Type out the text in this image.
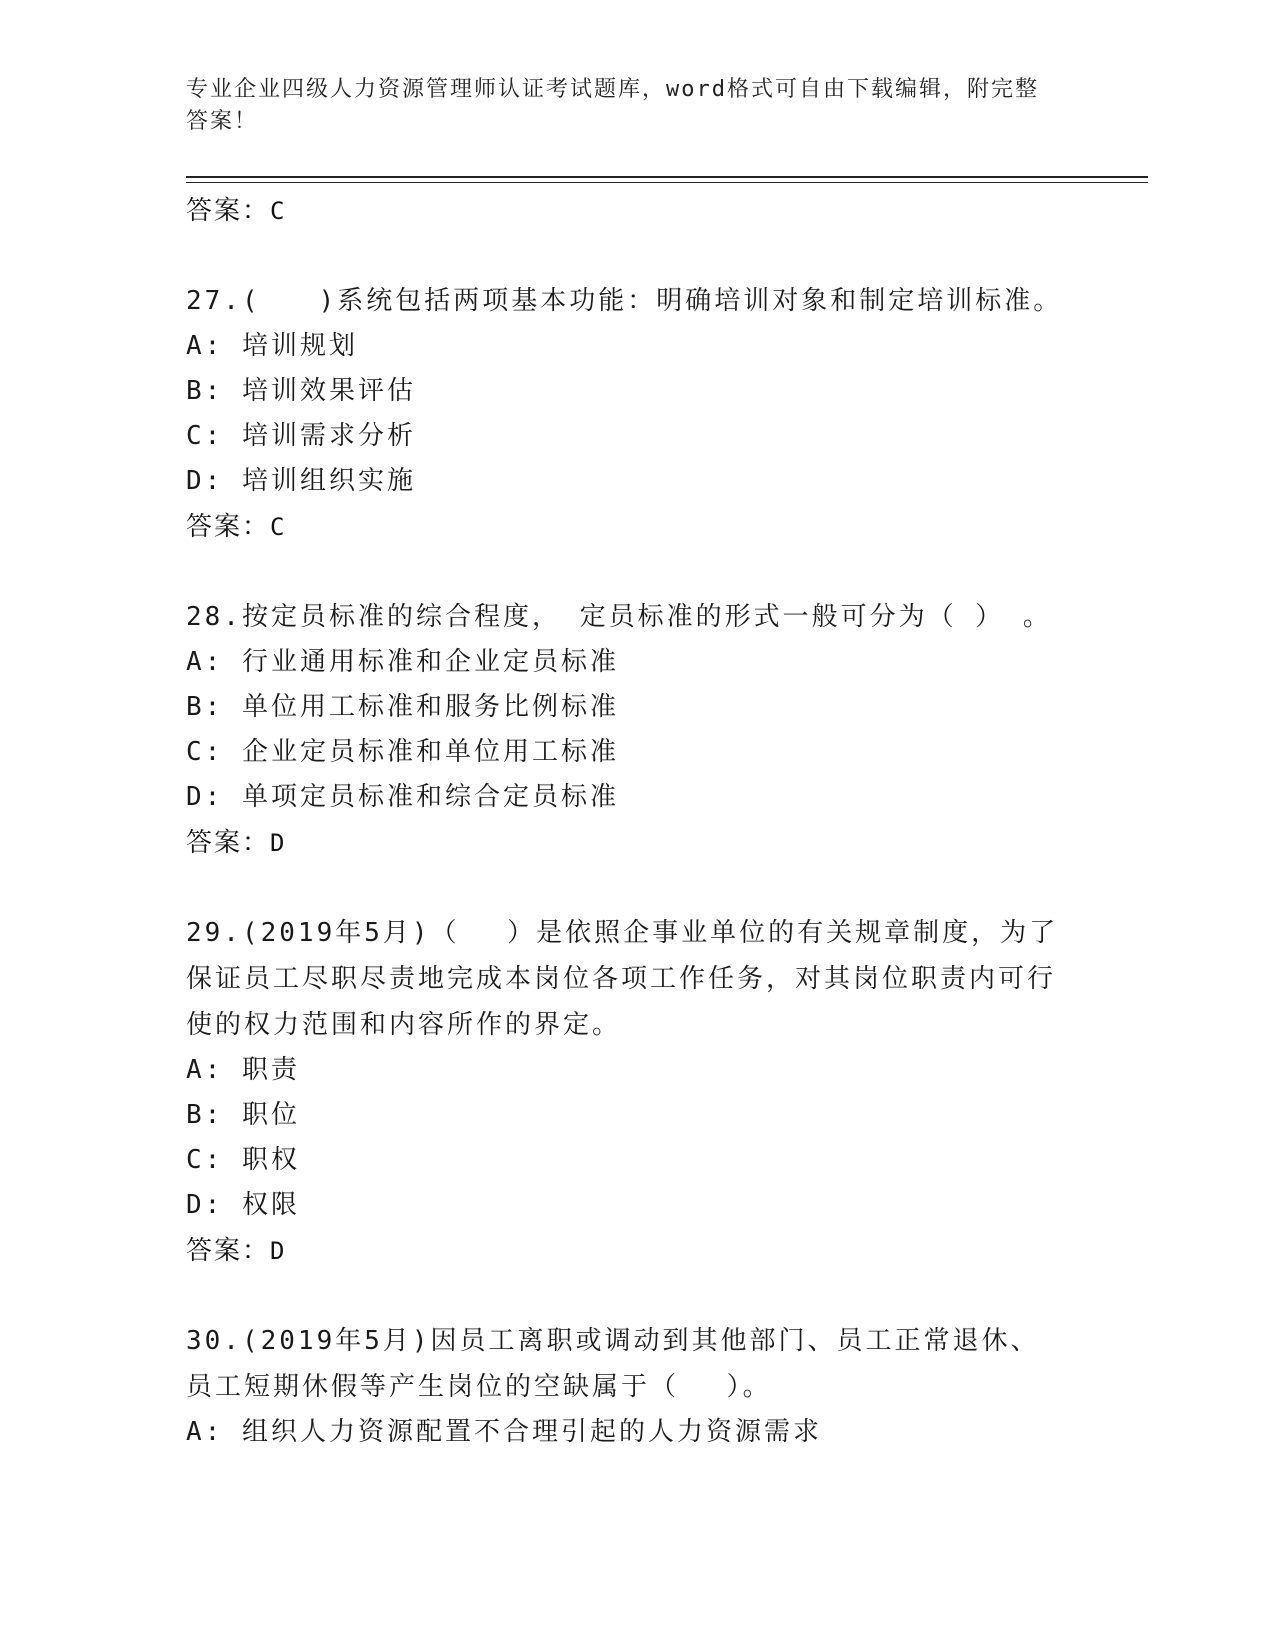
专业企业四级人力资源管理师认证考试题库，word格式可自由下载编辑，附完整
答案！
答案：C
27.(　　)系统包括两项基本功能：明确培训对象和制定培训标准。
A: 培训规划
B: 培训效果评估
C: 培训需求分析
D: 培训组织实施
答案：C
28.按定员标准的综合程度， 定员标准的形式一般可分为（ ） 。
A: 行业通用标准和企业定员标准
B: 单位用工标准和服务比例标准
C: 企业定员标准和单位用工标准
D: 单项定员标准和综合定员标准
答案：D
29.(2019年5月)（　 ）是依照企事业单位的有关规章制度，为了保证员工尽职尽责地完成本岗位各项工作任务，对其岗位职责内可行使的权力范围和内容所作的界定。
A: 职责
B: 职位
C: 职权
D: 权限
答案：D
30.(2019年5月)因员工离职或调动到其他部门、员工正常退休、员工短期休假等产生岗位的空缺属于（　 ）。
A: 组织人力资源配置不合理引起的人力资源需求
